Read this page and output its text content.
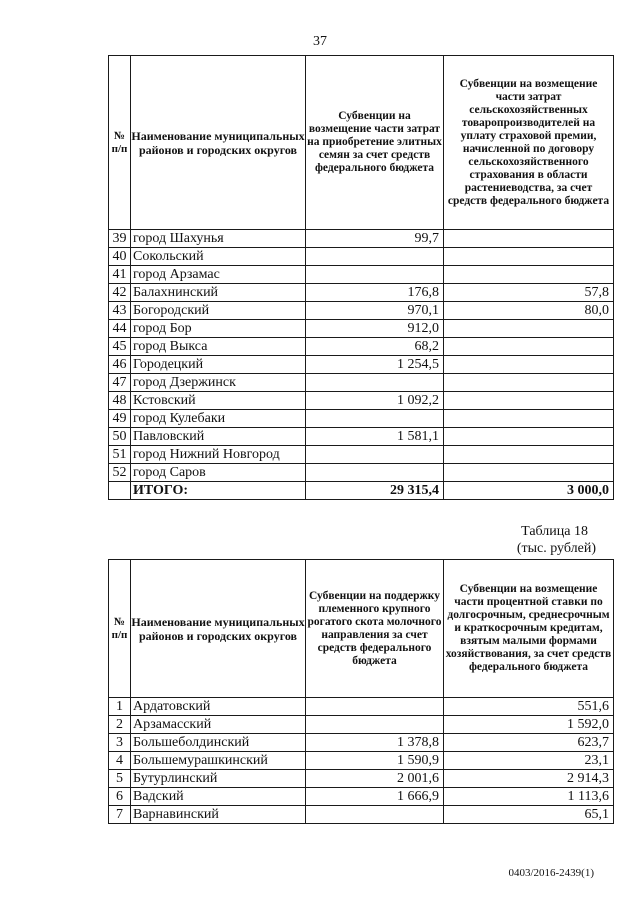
37
№ п/п	Наименование муниципальных районов и городских округов	Субвенции на возмещение части затрат на приобретение элитных семян за счет средств федерального бюджета	Субвенции на возмещение части затрат сельскохозяйственных товаропроизводителей на уплату страховой премии, начисленной по договору сельскохозяйственного страхования в области растениеводства, за счет средств федерального бюджета
39	город Шахунья	99,7	
40	Сокольский		
41	город Арзамас		
42	Балахнинский	176,8	57,8
43	Богородский	970,1	80,0
44	город Бор	912,0	
45	город Выкса	68,2	
46	Городецкий	1 254,5	
47	город Дзержинск		
48	Кстовский	1 092,2	
49	город Кулебаки		
50	Павловский	1 581,1	
51	город Нижний Новгород		
52	город Саров		
	ИТОГО:	29 315,4	3 000,0
Таблица 18
(тыс. рублей)
№ п/п	Наименование муниципальных районов и городских округов	Субвенции на поддержку племенного крупного рогатого скота молочного направления за счет средств федерального бюджета	Субвенции на возмещение части процентной ставки по долгосрочным, среднесрочным и краткосрочным кредитам, взятым малыми формами хозяйствования, за счет средств федерального бюджета
1	Ардатовский		551,6
2	Арзамасский		1 592,0
3	Большеболдинский	1 378,8	623,7
4	Большемурашкинский	1 590,9	23,1
5	Бутурлинский	2 001,6	2 914,3
6	Вадский	1 666,9	1 113,6
7	Варнавинский		65,1
0403/2016-2439(1)
